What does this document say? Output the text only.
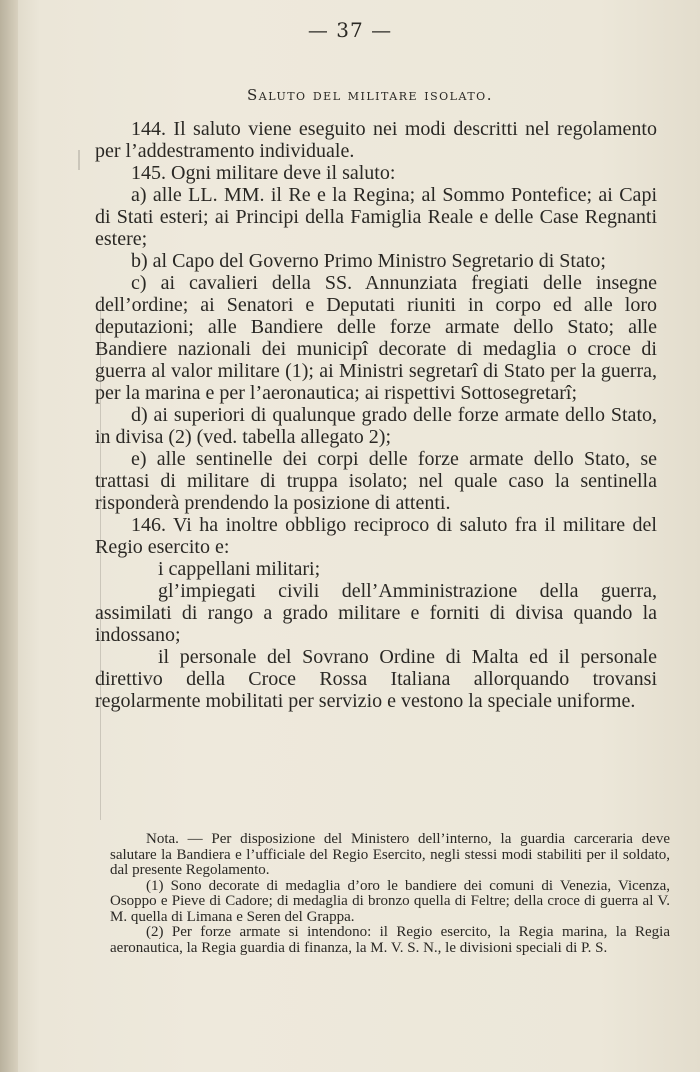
— 37 —
Saluto del militare isolato.

144. Il saluto viene eseguito nei modi descritti nel regolamento per l’addestramento individuale.

145. Ogni militare deve il saluto:

a) alle LL. MM. il Re e la Regina; al Sommo Pontefice; ai Capi di Stati esteri; ai Principi della Famiglia Reale e delle Case Regnanti estere;

b) al Capo del Governo Primo Ministro Segretario di Stato;

c) ai cavalieri della SS. Annunziata fregiati delle insegne dell’ordine; ai Senatori e Deputati riuniti in corpo ed alle loro deputazioni; alle Bandiere delle forze armate dello Stato; alle Bandiere nazionali dei municipî decorate di medaglia o croce di guerra al valor militare (1); ai Ministri segretarî di Stato per la guerra, per la marina e per l’aeronautica; ai rispettivi Sottosegretarî;

d) ai superiori di qualunque grado delle forze armate dello Stato, in divisa (2) (ved. tabella allegato 2);

e) alle sentinelle dei corpi delle forze armate dello Stato, se trattasi di militare di truppa isolato; nel quale caso la sentinella risponderà prendendo la posizione di attenti.

146. Vi ha inoltre obbligo reciproco di saluto fra il militare del Regio esercito e:

i cappellani militari;

gl’impiegati civili dell’Amministrazione della guerra, assimilati di rango a grado militare e forniti di divisa quando la indossano;

il personale del Sovrano Ordine di Malta ed il personale direttivo della Croce Rossa Italiana allorquando trovansi regolarmente mobilitati per servizio e vestono la speciale uniforme.

Nota. — Per disposizione del Ministero dell’interno, la guardia carceraria deve salutare la Bandiera e l’ufficiale del Regio Esercito, negli stessi modi stabiliti per il soldato, dal presente Regolamento.

(1) Sono decorate di medaglia d’oro le bandiere dei comuni di Venezia, Vicenza, Osoppo e Pieve di Cadore; di medaglia di bronzo quella di Feltre; della croce di guerra al V. M. quella di Limana e Seren del Grappa.

(2) Per forze armate si intendono: il Regio esercito, la Regia marina, la Regia aeronautica, la Regia guardia di finanza, la M. V. S. N., le divisioni speciali di P. S.
